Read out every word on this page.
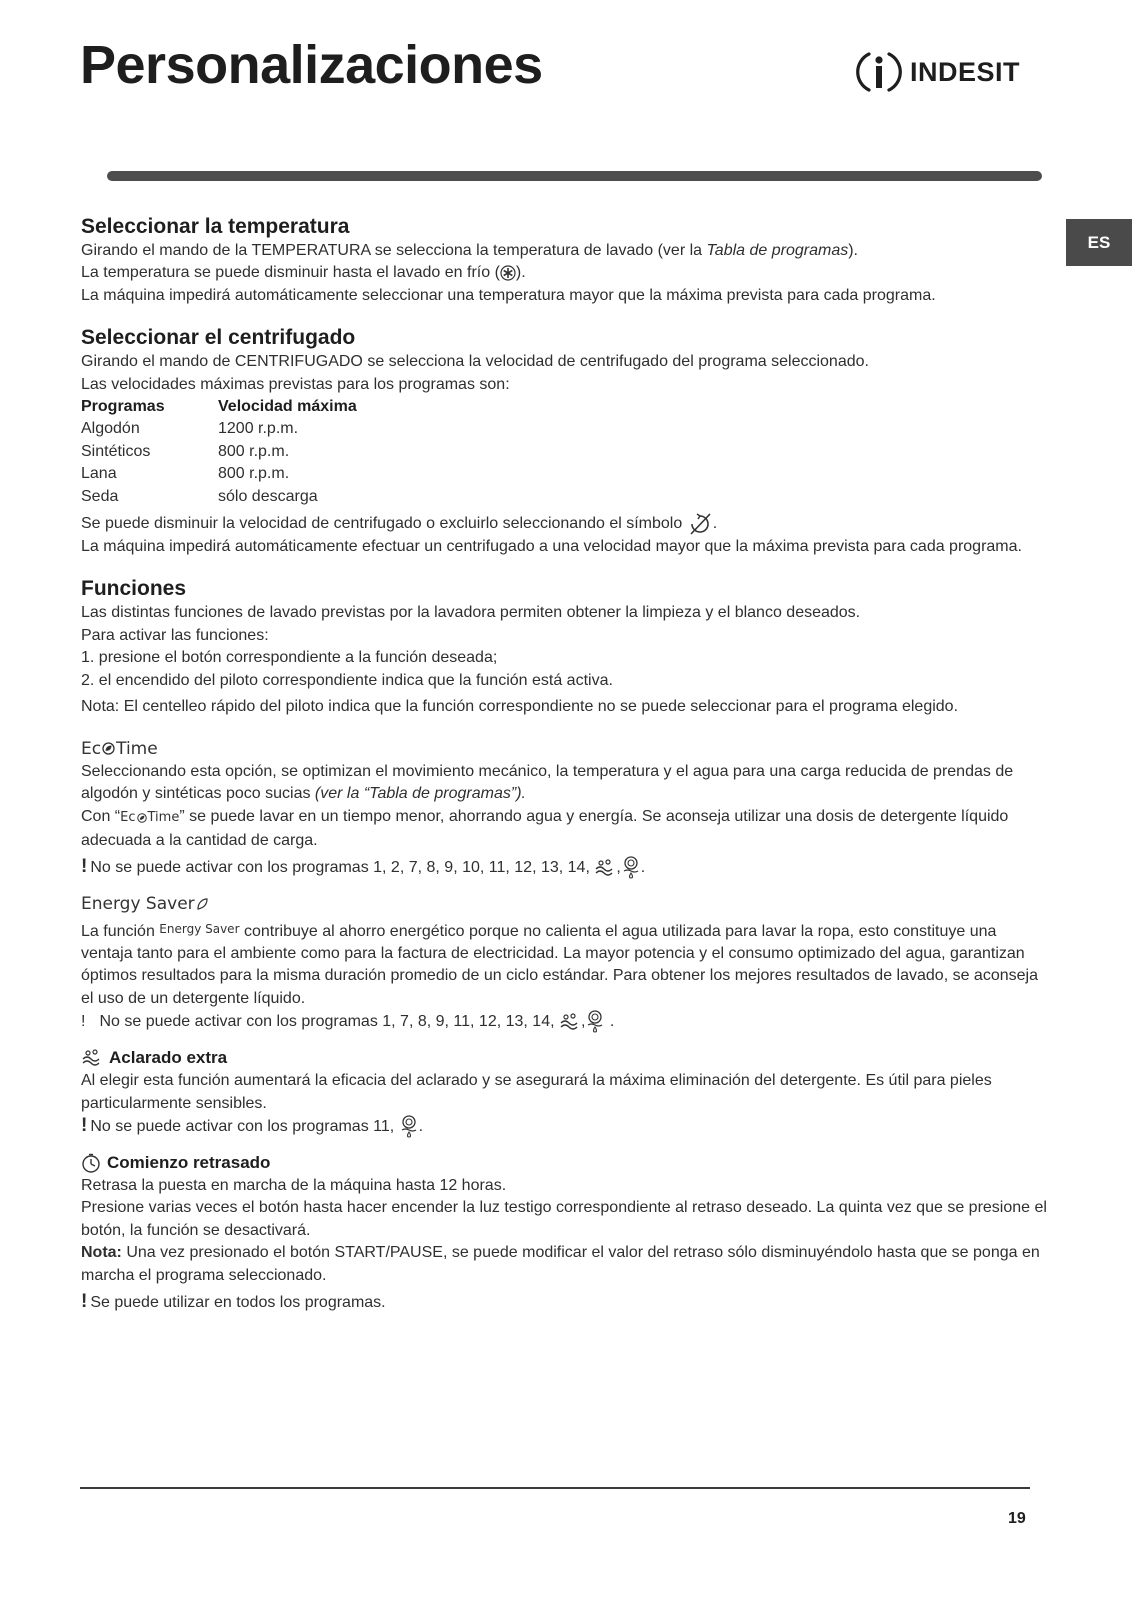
Personalizaciones	INDESIT
ES
Seleccionar la temperatura

Girando el mando de la TEMPERATURA se selecciona la temperatura de lavado (ver la Tabla de programas).

La temperatura se puede disminuir hasta el lavado en frío ( ).

La máquina impedirá automáticamente seleccionar una temperatura mayor que la máxima prevista para cada programa.

Seleccionar el centrifugado

Girando el mando de CENTRIFUGADO se selecciona la velocidad de centrifugado del programa seleccionado.

Las velocidades máximas previstas para los programas son:

Programas	Velocidad máxima
Algodón	1200 r.p.m.
Sintéticos	800 r.p.m.
Lana	800 r.p.m.
Seda	sólo descarga

Se puede disminuir la velocidad de centrifugado o excluirlo seleccionando el símbolo .

La máquina impedirá automáticamente efectuar un centrifugado a una velocidad mayor que la máxima prevista para cada programa.

Funciones

Las distintas funciones de lavado previstas por la lavadora permiten obtener la limpieza y el blanco deseados.

Para activar las funciones:

1. presione el botón correspondiente a la función deseada;

2. el encendido del piloto correspondiente indica que la función está activa.

Nota: El centelleo rápido del piloto indica que la función correspondiente no se puede seleccionar para el programa elegido.

Ec Time

Seleccionando esta opción, se optimizan el movimiento mecánico, la temperatura y el agua para una carga reducida de prendas de algodón y sintéticas poco sucias (ver la “Tabla de programas”).

Con “ Ec Time ” se puede lavar en un tiempo menor, ahorrando agua y energía. Se aconseja utilizar una dosis de detergente líquido adecuada a la cantidad de carga.

! No se puede activar con los programas 1, 2, 7, 8, 9, 10, 11, 12, 13, 14, , .

Energy Saver

La función Energy Saver contribuye al ahorro energético porque no calienta el agua utilizada para lavar la ropa, esto constituye una ventaja tanto para el ambiente como para la factura de electricidad. La mayor potencia y el consumo optimizado del agua, garantizan óptimos resultados para la misma duración promedio de un ciclo estándar. Para obtener los mejores resultados de lavado, se aconseja el uso de un detergente líquido.

! No se puede activar con los programas 1, 7, 8, 9, 11, 12, 13, 14, , .

Aclarado extra

Al elegir esta función aumentará la eficacia del aclarado y se asegurará la máxima eliminación del detergente. Es útil para pieles particularmente sensibles.

! No se puede activar con los programas 11, .

Comienzo retrasado

Retrasa la puesta en marcha de la máquina hasta 12 horas.

Presione varias veces el botón hasta hacer encender la luz testigo correspondiente al retraso deseado. La quinta vez que se presione el botón, la función se desactivará.

Nota: Una vez presionado el botón START/PAUSE, se puede modificar el valor del retraso sólo disminuyéndolo hasta que se ponga en marcha el programa seleccionado.

! Se puede utilizar en todos los programas.

19
